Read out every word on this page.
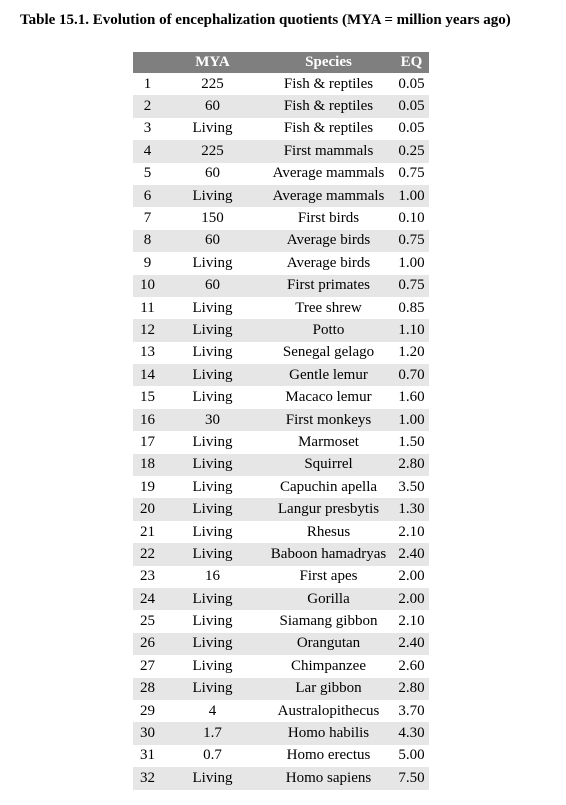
Table 15.1. Evolution of encephalization quotients (MYA = million years ago)
	MYA	Species	EQ
1	225	Fish & reptiles	0.05
2	60	Fish & reptiles	0.05
3	Living	Fish & reptiles	0.05
4	225	First mammals	0.25
5	60	Average mammals	0.75
6	Living	Average mammals	1.00
7	150	First birds	0.10
8	60	Average birds	0.75
9	Living	Average birds	1.00
10	60	First primates	0.75
11	Living	Tree shrew	0.85
12	Living	Potto	1.10
13	Living	Senegal gelago	1.20
14	Living	Gentle lemur	0.70
15	Living	Macaco lemur	1.60
16	30	First monkeys	1.00
17	Living	Marmoset	1.50
18	Living	Squirrel	2.80
19	Living	Capuchin apella	3.50
20	Living	Langur presbytis	1.30
21	Living	Rhesus	2.10
22	Living	Baboon hamadryas	2.40
23	16	First apes	2.00
24	Living	Gorilla	2.00
25	Living	Siamang gibbon	2.10
26	Living	Orangutan	2.40
27	Living	Chimpanzee	2.60
28	Living	Lar gibbon	2.80
29	4	Australopithecus	3.70
30	1.7	Homo habilis	4.30
31	0.7	Homo erectus	5.00
32	Living	Homo sapiens	7.50
